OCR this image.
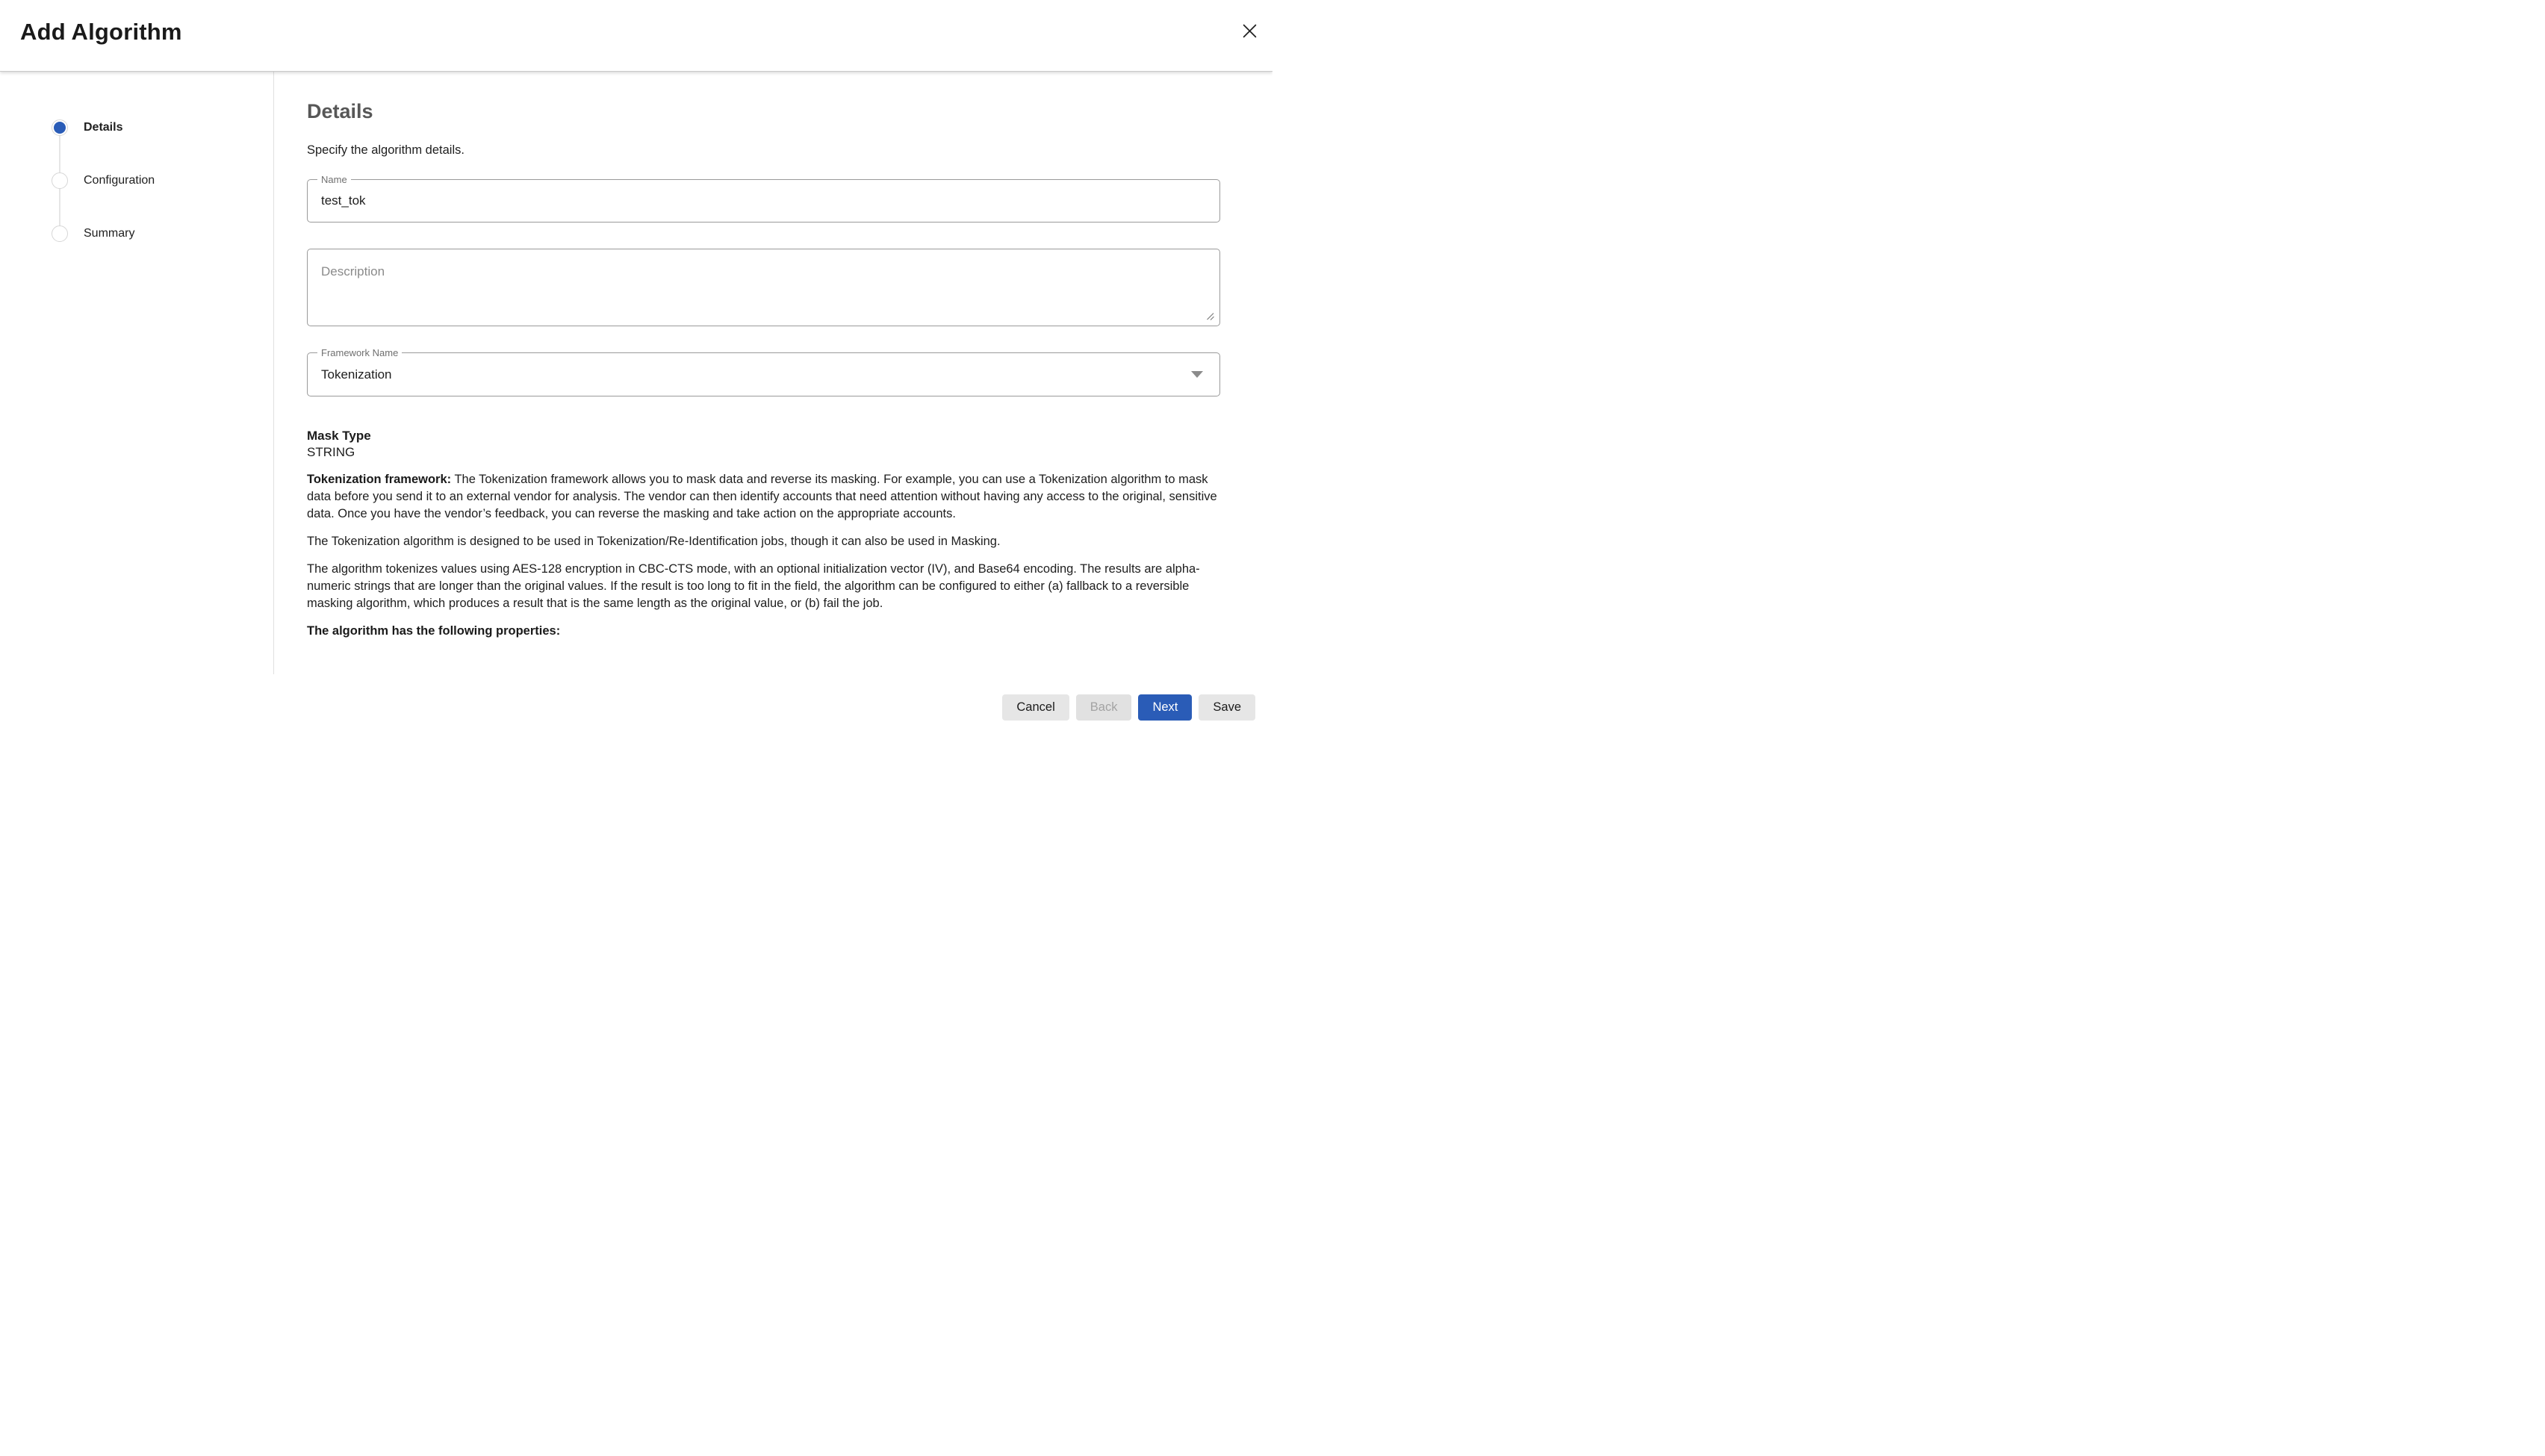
Add Algorithm
Details
Configuration
Summary
Details
Specify the algorithm details.
Name
test_tok
Description
Framework Name
Tokenization
Mask Type
STRING

Tokenization framework: The Tokenization framework allows you to mask data and reverse its masking. For example, you can use a Tokenization algorithm to mask data before you send it to an external vendor for analysis. The vendor can then identify accounts that need attention without having any access to the original, sensitive data. Once you have the vendor’s feedback, you can reverse the masking and take action on the appropriate accounts.

The Tokenization algorithm is designed to be used in Tokenization/Re-Identification jobs, though it can also be used in Masking.

The algorithm tokenizes values using AES-128 encryption in CBC-CTS mode, with an optional initialization vector (IV), and Base64 encoding. The results are alpha-numeric strings that are longer than the original values. If the result is too long to fit in the field, the algorithm can be configured to either (a) fallback to a reversible masking algorithm, which produces a result that is the same length as the original value, or (b) fail the job.

The algorithm has the following properties:

Cancel	Back	Next	Save
